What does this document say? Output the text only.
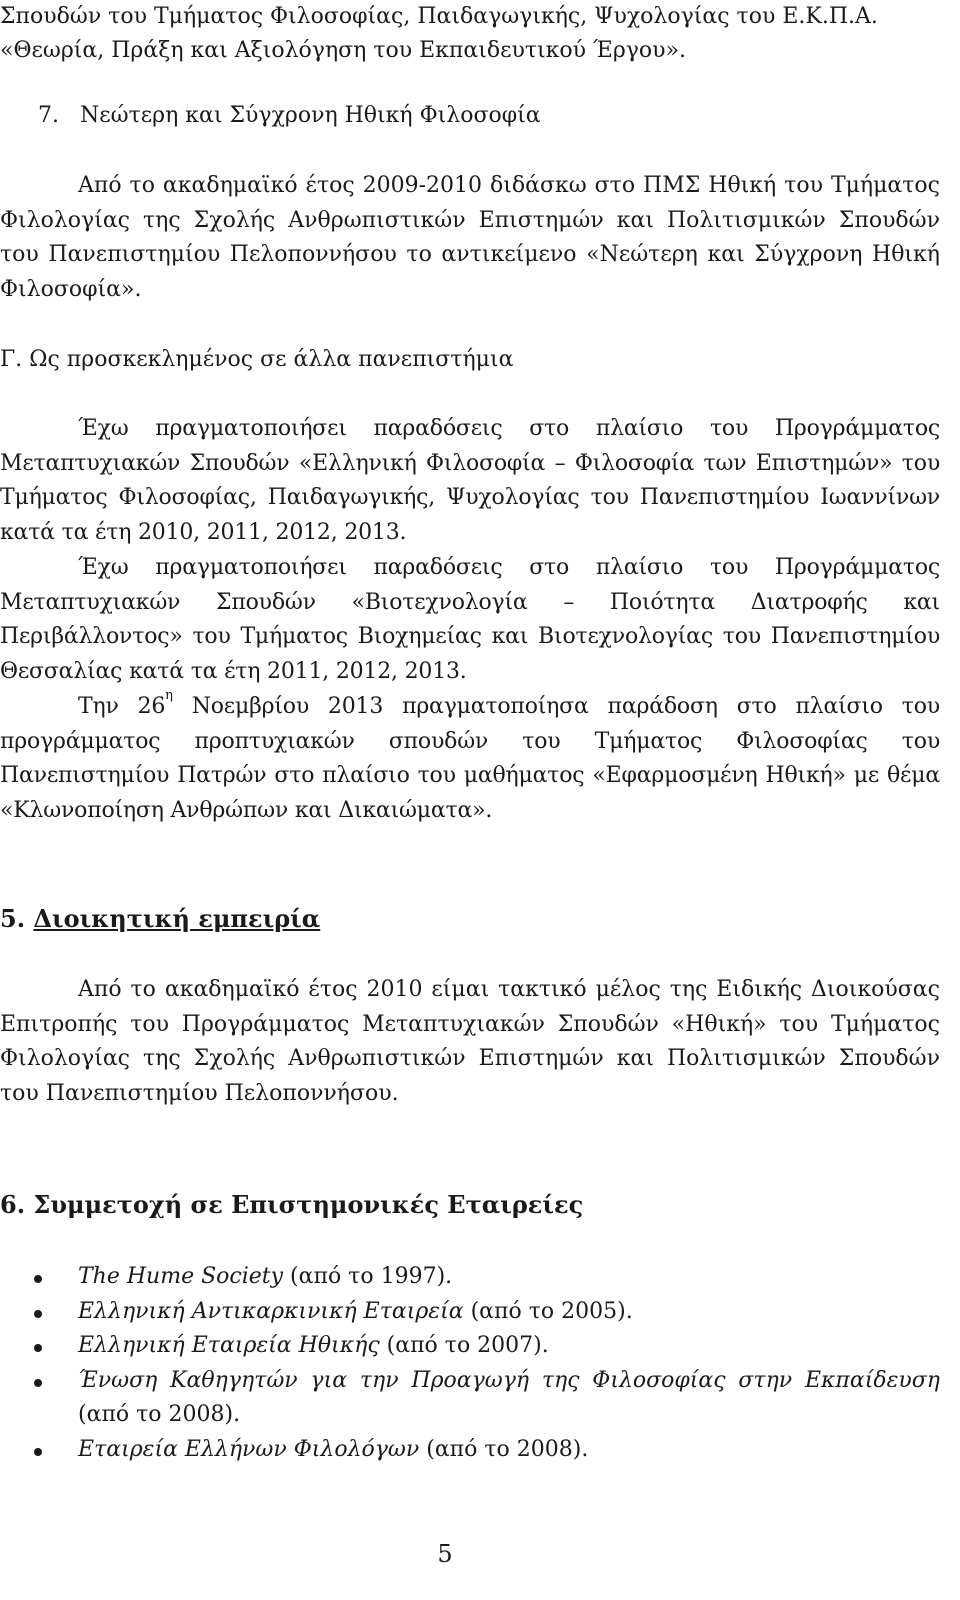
Σπουδών του Τμήματος Φιλοσοφίας, Παιδαγωγικής, Ψυχολογίας του Ε.Κ.Π.Α.
«Θεωρία, Πράξη και Αξιολόγηση του Εκπαιδευτικού Έργου».
7. Νεώτερη και Σύγχρονη Ηθική Φιλοσοφία
Από το ακαδημαϊκό έτος 2009-2010 διδάσκω στο ΠΜΣ Ηθική του Τμήματος Φιλολογίας της Σχολής Ανθρωπιστικών Επιστημών και Πολιτισμικών Σπουδών του Πανεπιστημίου Πελοποννήσου το αντικείμενο «Νεώτερη και Σύγχρονη Ηθική Φιλοσοφία».
Γ. Ως προσκεκλημένος σε άλλα πανεπιστήμια
Έχω πραγματοποιήσει παραδόσεις στο πλαίσιο του Προγράμματος Μεταπτυχιακών Σπουδών «Ελληνική Φιλοσοφία – Φιλοσοφία των Επιστημών» του Τμήματος Φιλοσοφίας, Παιδαγωγικής, Ψυχολογίας του Πανεπιστημίου Ιωαννίνων κατά τα έτη 2010, 2011, 2012, 2013.
Έχω πραγματοποιήσει παραδόσεις στο πλαίσιο του Προγράμματος Μεταπτυχιακών Σπουδών «Βιοτεχνολογία – Ποιότητα Διατροφής και Περιβάλλοντος» του Τμήματος Βιοχημείας και Βιοτεχνολογίας του Πανεπιστημίου Θεσσαλίας κατά τα έτη 2011, 2012, 2013.
Την $26^\eta$ Νοεμβρίου 2013 πραγματοποίησα παράδοση στο πλαίσιο του προγράμματος προπτυχιακών σπουδών του Τμήματος Φιλοσοφίας του Πανεπιστημίου Πατρών στο πλαίσιο του μαθήματος «Εφαρμοσμένη Ηθική» με θέμα «Κλωνοποίηση Ανθρώπων και Δικαιώματα».
5. Διοικητική εμπειρία
Από το ακαδημαϊκό έτος 2010 είμαι τακτικό μέλος της Ειδικής Διοικούσας Επιτροπής του Προγράμματος Μεταπτυχιακών Σπουδών «Ηθική» του Τμήματος Φιλολογίας της Σχολής Ανθρωπιστικών Επιστημών και Πολιτισμικών Σπουδών του Πανεπιστημίου Πελοποννήσου.
6. Συμμετοχή σε Επιστημονικές Εταιρείες
The Hume Society (από το 1997).
Ελληνική Αντικαρκινική Εταιρεία (από το 2005).
Ελληνική Εταιρεία Ηθικής (από το 2007).
Ένωση Καθηγητών για την Προαγωγή της Φιλοσοφίας στην Εκπαίδευση (από το 2008).
Εταιρεία Ελλήνων Φιλολόγων (από το 2008).
5
